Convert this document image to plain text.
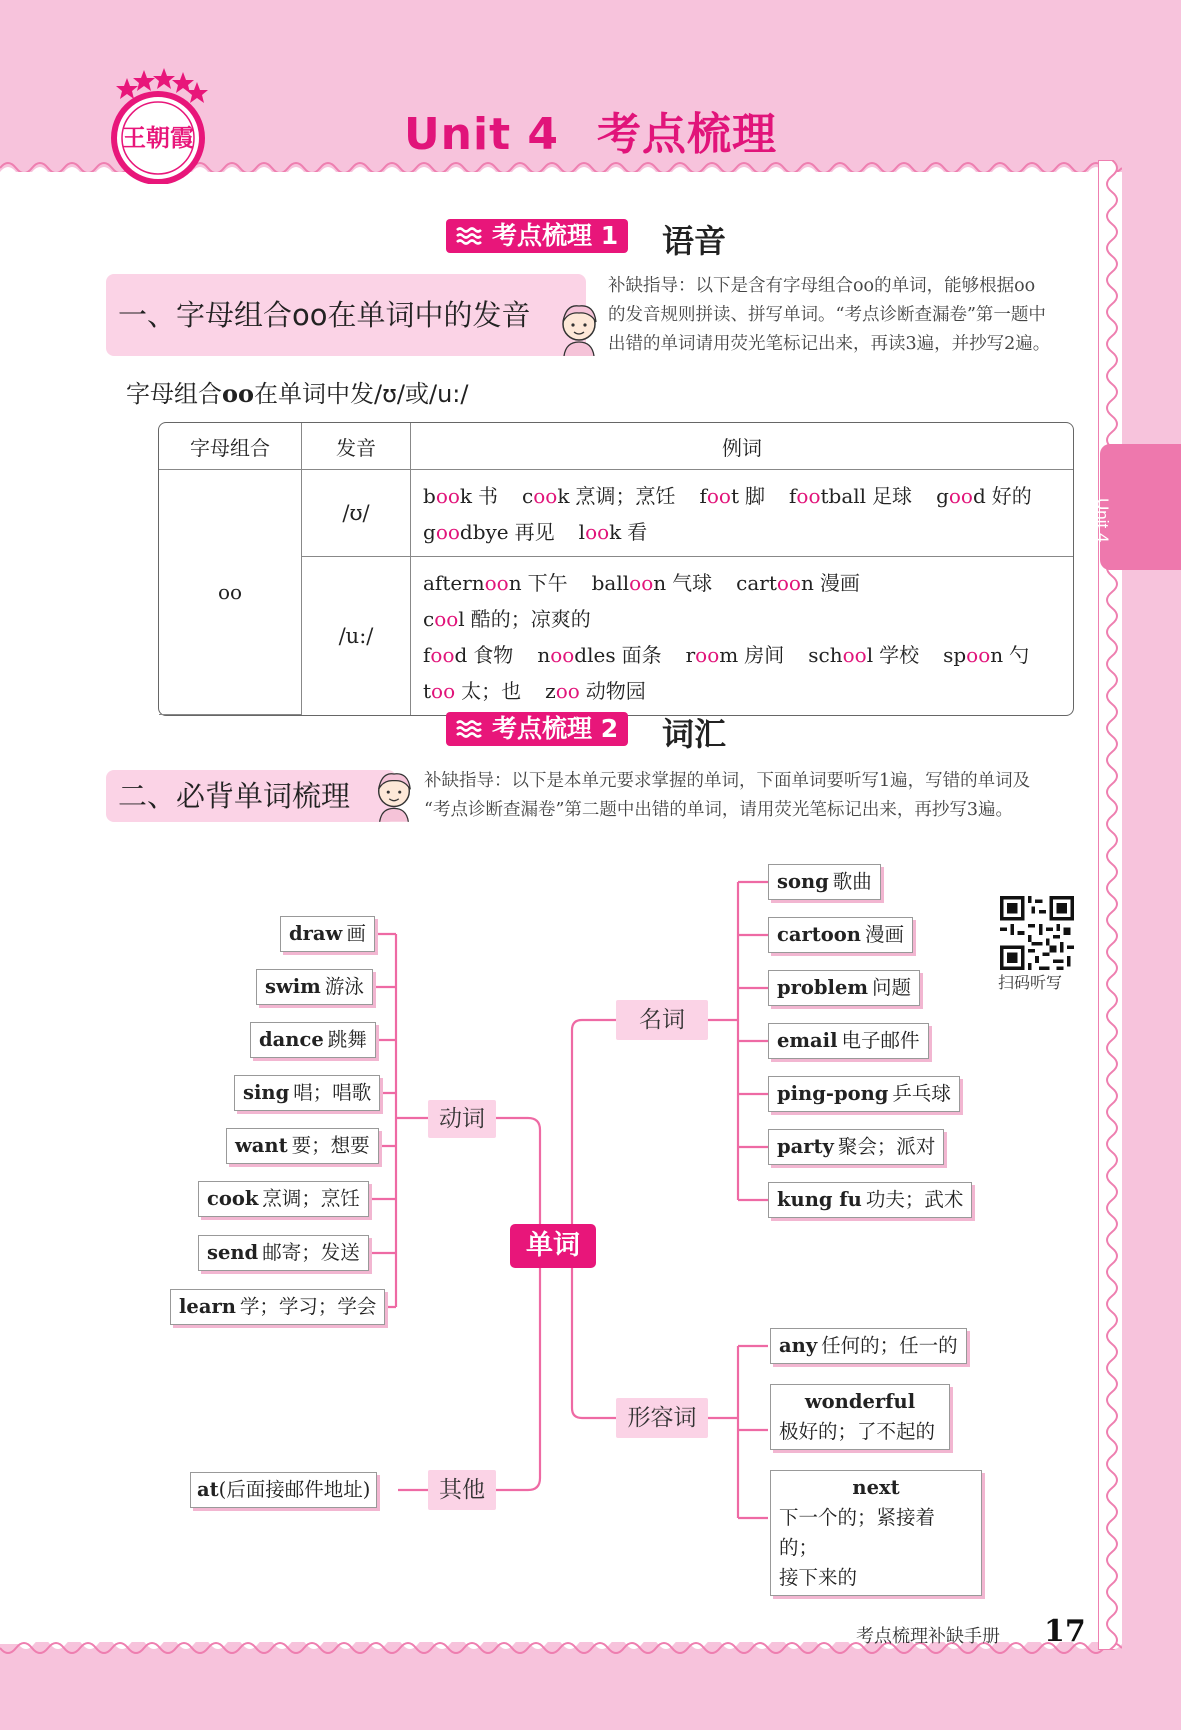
王朝霞	Unit 4 考点梳理
Unit 4
考点梳理 1	语音
一、字母组合oo在单词中的发音
补缺指导：以下是含有字母组合oo的单词，能够根据oo
的发音规则拼读、拼写单词。“考点诊断查漏卷”第一题中
出错的单词请用荧光笔标记出来，再读3遍，并抄写2遍。
字母组合oo在单词中发/ʊ/或/u:/
字母组合	发音	例词
oo	/ʊ/	book 书 cook 烹调；烹饪 foot 脚 football 足球 good 好的
goodbye 再见 look 看

	/u:/	afternoon 下午 balloon 气球 cartoon 漫画cool 酷的；凉爽的
food 食物 noodles 面条 room 房间 school 学校 spoon 勺
too 太；也 zoo 动物园
考点梳理 2	词汇
二、必背单词梳理	补缺指导：以下是本单元要求掌握的单词，下面单词要听写1遍，写错的单词及
“考点诊断查漏卷”第二题中出错的单词，请用荧光笔标记出来，再抄写3遍。
draw 画
swim 游泳
dance 跳舞
sing 唱；唱歌
want 要；想要
cook 烹调；烹饪
send 邮寄；发送
learn 学；学习；学会
动词
其他
at(后面接邮件地址)
单词
名词
形容词
song 歌曲
cartoon 漫画
problem 问题
email 电子邮件
ping-pong 乒乓球
party 聚会；派对
kung fu 功夫；武术
any 任何的；任一的
wonderful
极好的；了不起的
next
下一个的；紧接着的；
接下来的
扫码听写
考点梳理补缺手册 17
